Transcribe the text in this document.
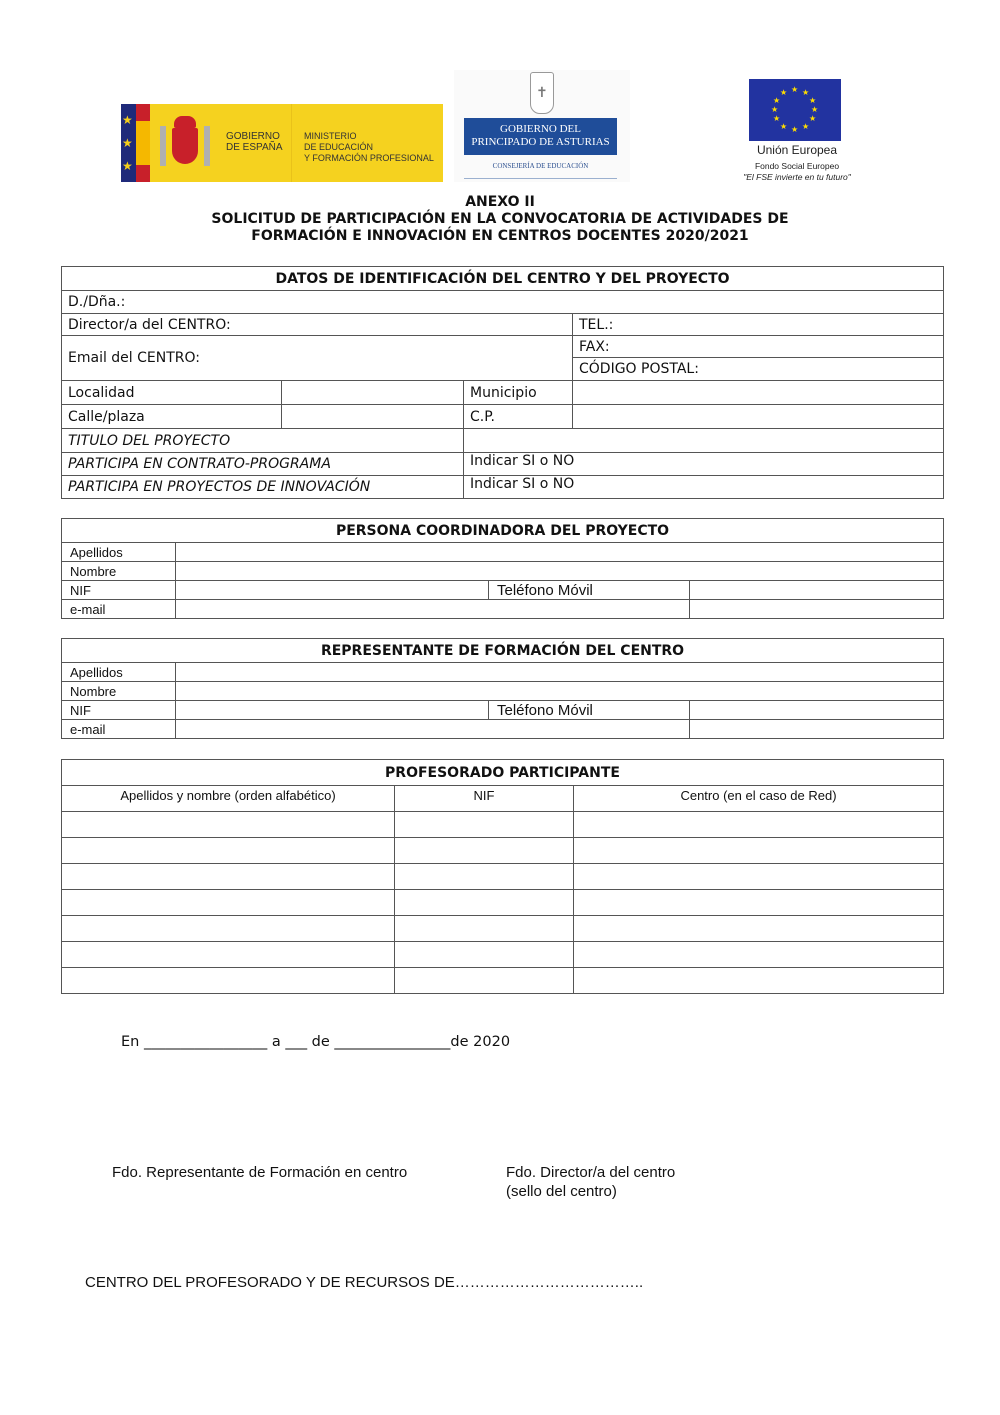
★
★
★
GOBIERNO
DE ESPAÑA
MINISTERIO
DE EDUCACIÓN
Y FORMACIÓN PROFESIONAL
✝
GOBIERNO DEL
PRINCIPADO DE ASTURIAS
CONSEJERÍA DE EDUCACIÓN
★ ★
★
★
★
★
★
★
★
★
★
★
Unión Europea
Fondo Social Europeo
"El FSE invierte en tu futuro"
ANEXO II
SOLICITUD DE PARTICIPACIÓN EN LA CONVOCATORIA DE ACTIVIDADES DE
FORMACIÓN E INNOVACIÓN EN CENTROS DOCENTES 2020/2021
DATOS DE IDENTIFICACIÓN DEL CENTRO Y DEL PROYECTO			
D./Dña.:			
Director/a del CENTRO:			TEL.:
Email del CENTRO:			FAX:
			CÓDIGO POSTAL:
Localidad		Municipio	
Calle/plaza		C.P.	
TITULO DEL PROYECTO			
PARTICIPA EN CONTRATO-PROGRAMA		Indicar SI o NO	
PARTICIPA EN PROYECTOS DE INNOVACIÓN		Indicar SI o NO	
PERSONA COORDINADORA DEL PROYECTO			
Apellidos			
Nombre			
NIF		Teléfono Móvil	
e-mail			
REPRESENTANTE DE FORMACIÓN DEL CENTRO			
Apellidos			
Nombre			
NIF		Teléfono Móvil	
e-mail			
PROFESORADO PARTICIPANTE		
Apellidos y nombre (orden alfabético)	NIF	Centro (en el caso de Red)

En _________________ a ___ de ________________de 2020
Fdo. Representante de Formación en centro	Fdo. Director/a del centro
(sello del centro)
CENTRO DEL PROFESORADO Y DE RECURSOS DE………………………………..
